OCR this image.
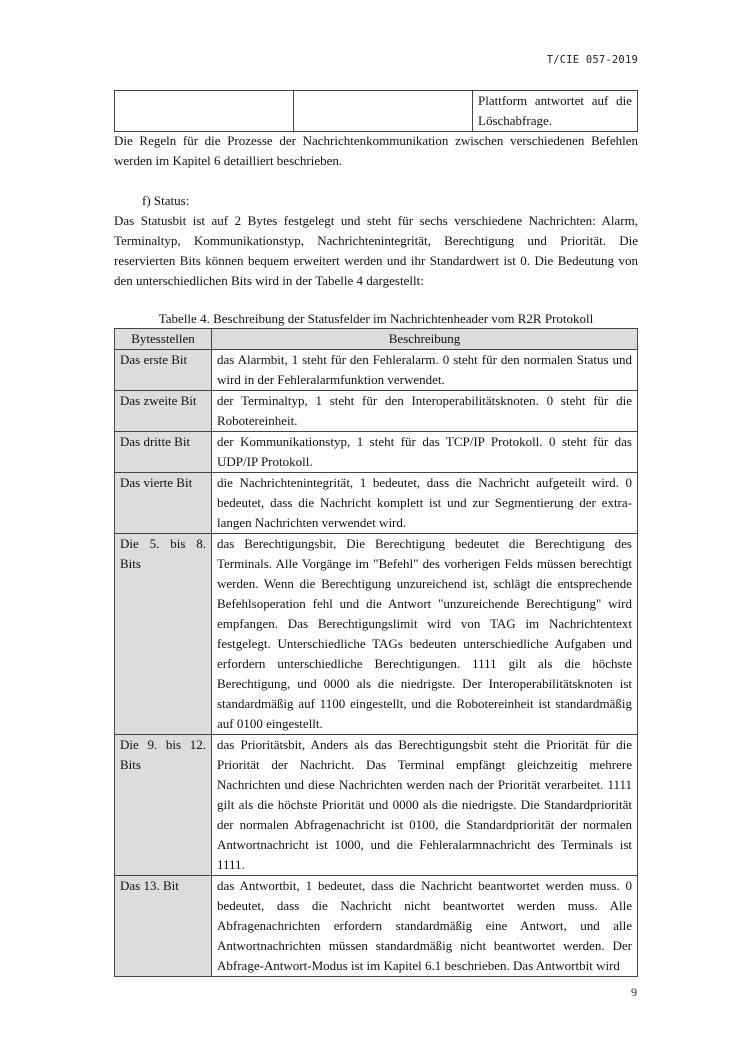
T/CIE 057-2019
		Plattform antwortet auf die Löschabfrage.

Die Regeln für die Prozesse der Nachrichtenkommunikation zwischen verschiedenen Befehlen werden im Kapitel 6 detailliert beschrieben.

f) Status:

Das Statusbit ist auf 2 Bytes festgelegt und steht für sechs verschiedene Nachrichten: Alarm, Terminaltyp, Kommunikationstyp, Nachrichtenintegrität, Berechtigung und Priorität. Die reservierten Bits können bequem erweitert werden und ihr Standardwert ist 0. Die Bedeutung von den unterschiedlichen Bits wird in der Tabelle 4 dargestellt:

Tabelle 4. Beschreibung der Statusfelder im Nachrichtenheader vom R2R Protokoll
Bytesstellen	Beschreibung
Das erste Bit	das Alarmbit, 1 steht für den Fehleralarm. 0 steht für den normalen Status und wird in der Fehleralarmfunktion verwendet.
Das zweite Bit	der Terminaltyp, 1 steht für den Interoperabilitätsknoten. 0 steht für die Robotereinheit.
Das dritte Bit	der Kommunikationstyp, 1 steht für das TCP/IP Protokoll. 0 steht für das UDP/IP Protokoll.
Das vierte Bit	die Nachrichtenintegrität, 1 bedeutet, dass die Nachricht aufgeteilt wird. 0 bedeutet, dass die Nachricht komplett ist und zur Segmentierung der extra-langen Nachrichten verwendet wird.
Die 5. bis 8. Bits	das Berechtigungsbit, Die Berechtigung bedeutet die Berechtigung des Terminals. Alle Vorgänge im "Befehl" des vorherigen Felds müssen berechtigt werden. Wenn die Berechtigung unzureichend ist, schlägt die entsprechende Befehlsoperation fehl und die Antwort "unzureichende Berechtigung" wird empfangen. Das Berechtigungslimit wird von TAG im Nachrichtentext festgelegt. Unterschiedliche TAGs bedeuten unterschiedliche Aufgaben und erfordern unterschiedliche Berechtigungen. 1111 gilt als die höchste Berechtigung, und 0000 als die niedrigste. Der Interoperabilitätsknoten ist standardmäßig auf 1100 eingestellt, und die Robotereinheit ist standardmäßig auf 0100 eingestellt.
Die 9. bis 12. Bits	das Prioritätsbit, Anders als das Berechtigungsbit steht die Priorität für die Priorität der Nachricht. Das Terminal empfängt gleichzeitig mehrere Nachrichten und diese Nachrichten werden nach der Priorität verarbeitet. 1111 gilt als die höchste Priorität und 0000 als die niedrigste. Die Standardpriorität der normalen Abfragenachricht ist 0100, die Standardpriorität der normalen Antwortnachricht ist 1000, und die Fehleralarmnachricht des Terminals ist 1111.
Das 13. Bit	das Antwortbit, 1 bedeutet, dass die Nachricht beantwortet werden muss. 0 bedeutet, dass die Nachricht nicht beantwortet werden muss. Alle Abfragenachrichten erfordern standardmäßig eine Antwort, und alle Antwortnachrichten müssen standardmäßig nicht beantwortet werden. Der Abfrage-Antwort-Modus ist im Kapitel 6.1 beschrieben. Das Antwortbit wird
9
